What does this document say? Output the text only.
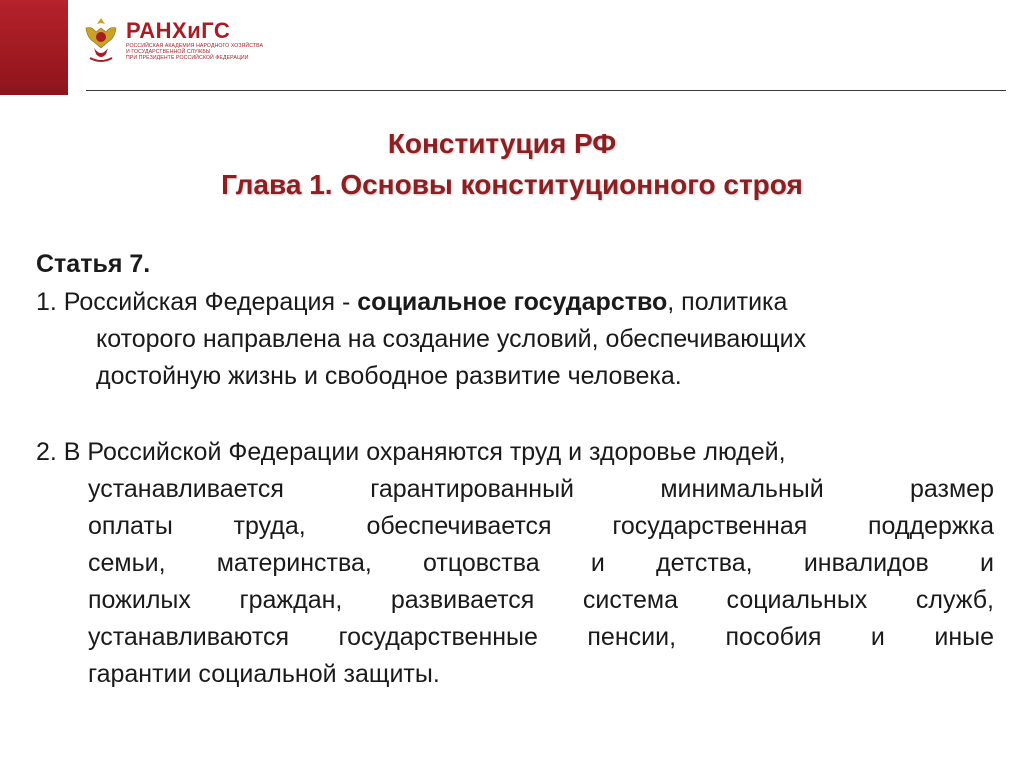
РАНХиГС
РОССИЙСКАЯ АКАДЕМИЯ НАРОДНОГО ХОЗЯЙСТВА
И ГОСУДАРСТВЕННОЙ СЛУЖБЫ
ПРИ ПРЕЗИДЕНТЕ РОССИЙСКОЙ ФЕДЕРАЦИИ
Конституция РФ
Глава 1. Основы конституционного строя
Статья 7.
1. Российская Федерация - социальное государство, политика
которого направлена на создание условий, обеспечивающих
достойную жизнь и свободное развитие человека.
2. В Российской Федерации охраняются труд и здоровье людей,
устанавливается гарантированный минимальный размер
оплаты труда, обеспечивается государственная поддержка
семьи, материнства, отцовства и детства, инвалидов и
пожилых граждан, развивается система социальных служб,
устанавливаются государственные пенсии, пособия и иные
гарантии социальной защиты.
